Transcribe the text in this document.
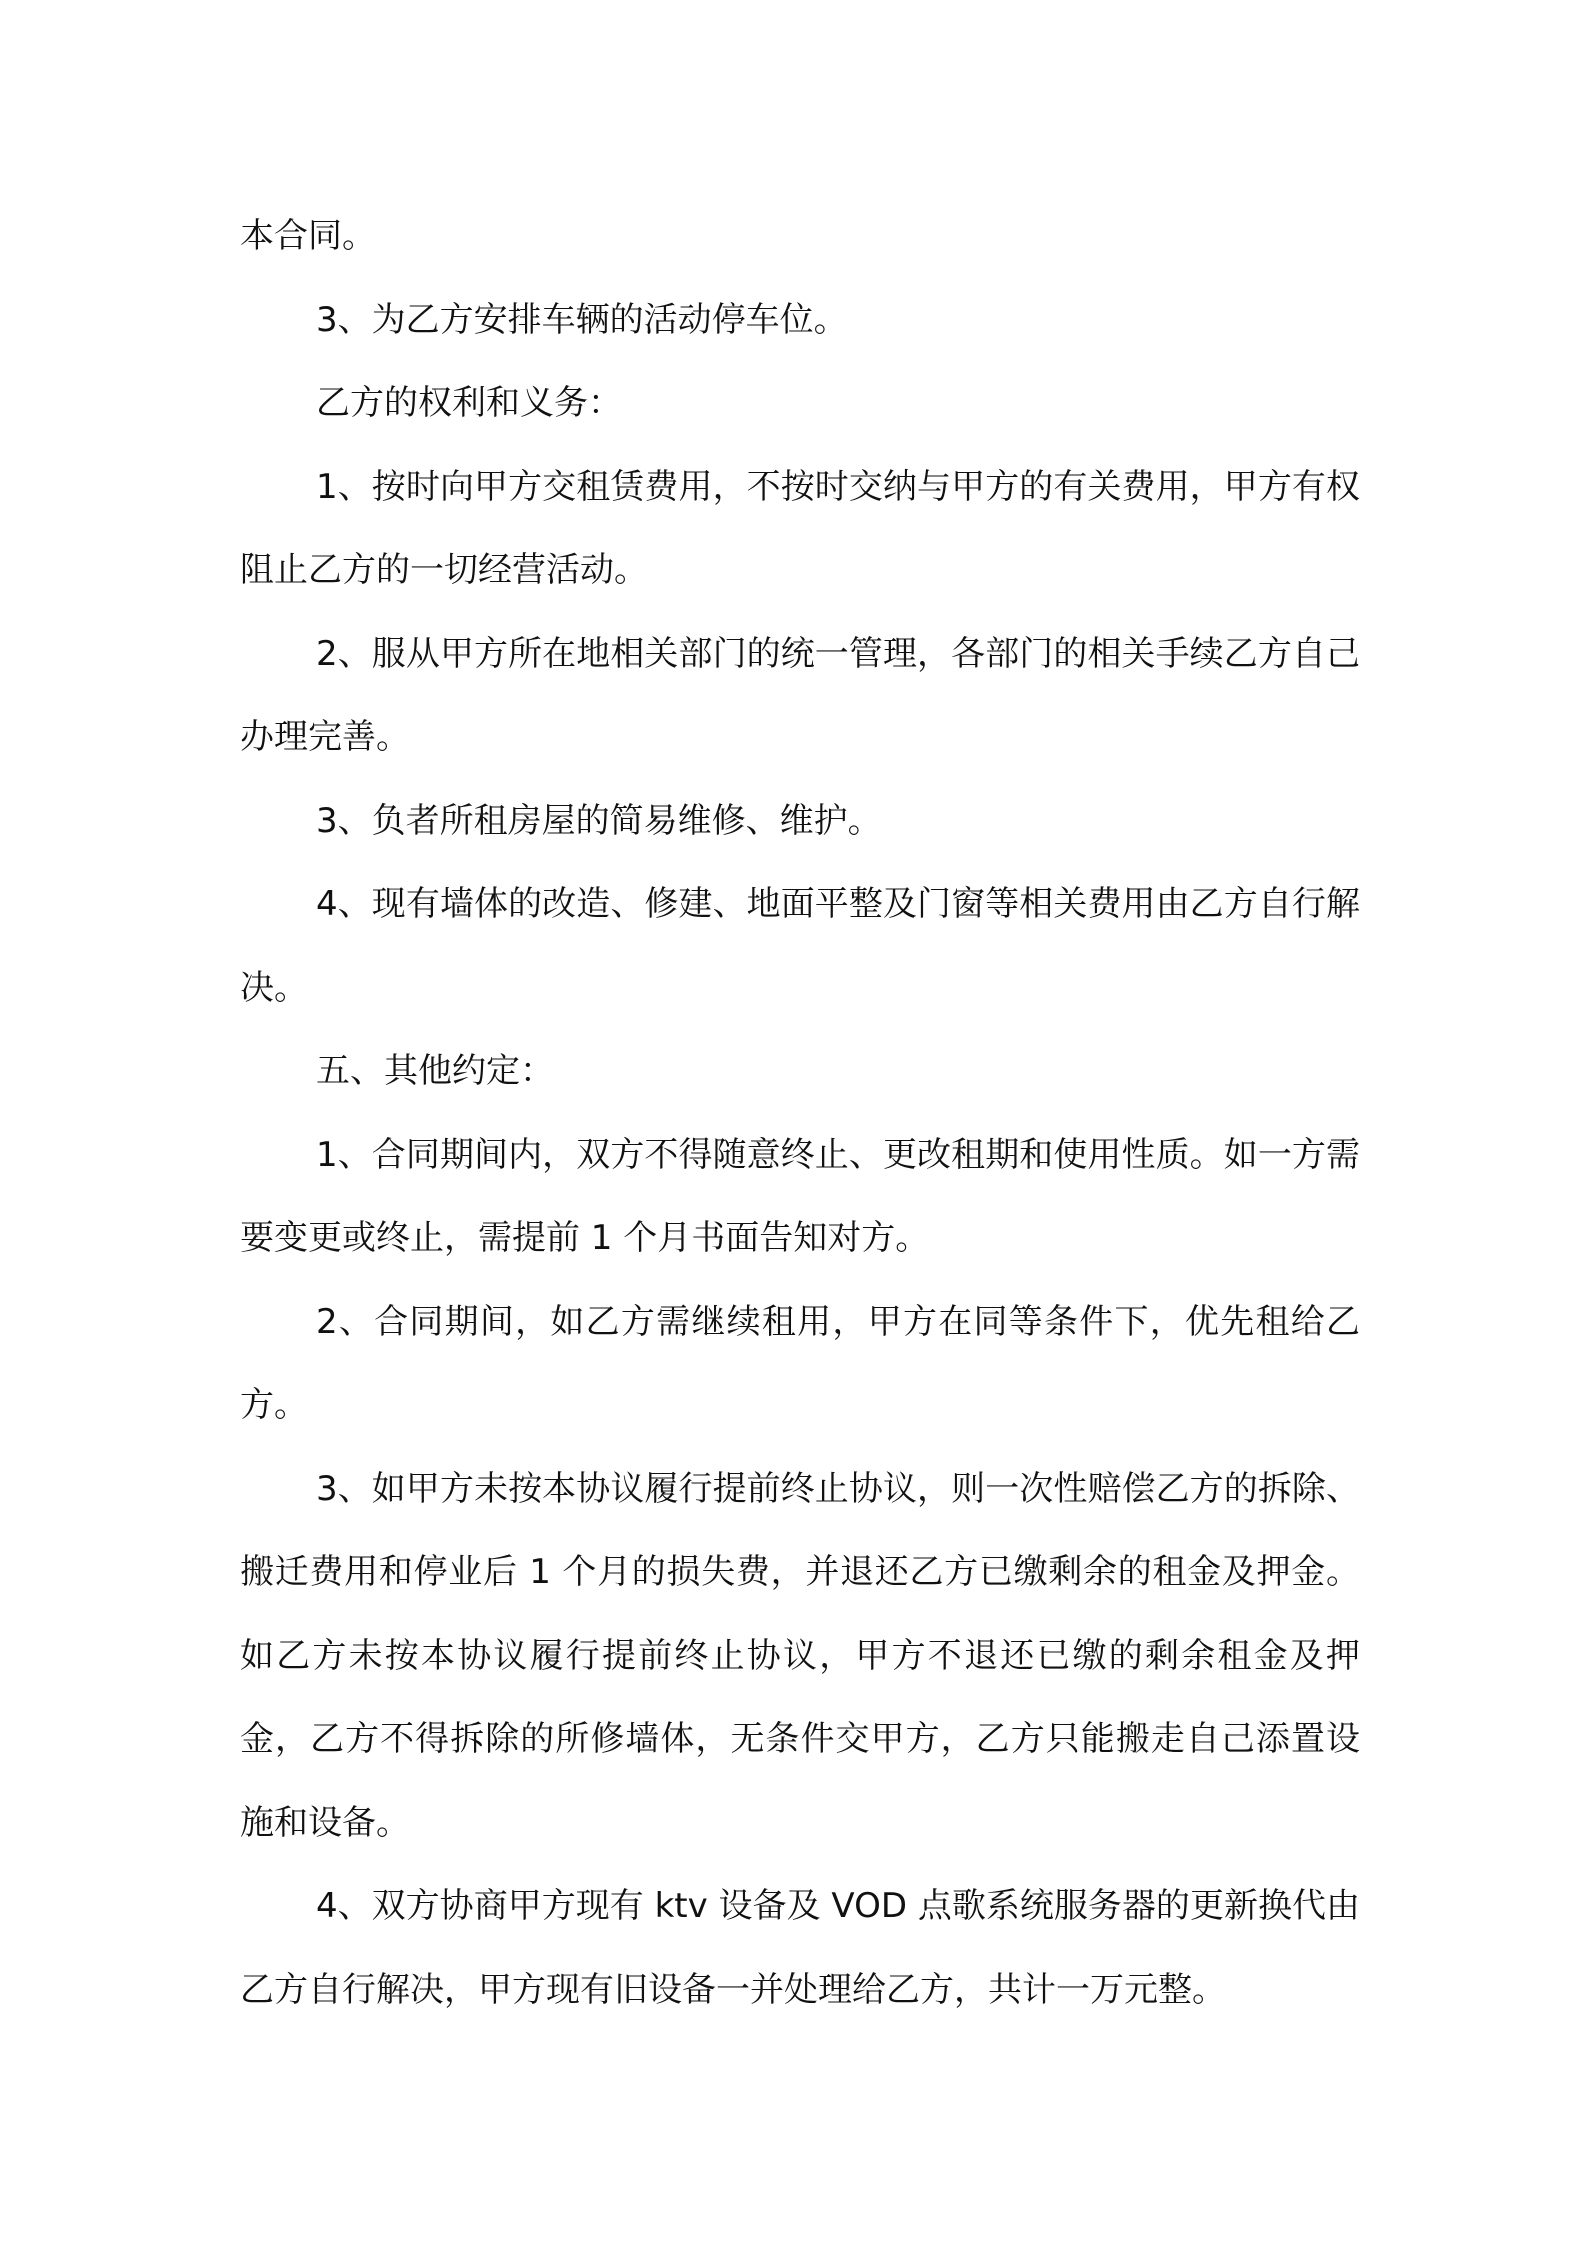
本合同。

3、为乙方安排车辆的活动停车位。

乙方的权利和义务：

1、按时向甲方交租赁费用，不按时交纳与甲方的有关费用，甲方有权阻止乙方的一切经营活动。

2、服从甲方所在地相关部门的统一管理，各部门的相关手续乙方自己办理完善。

3、负者所租房屋的简易维修、维护。

4、现有墙体的改造、修建、地面平整及门窗等相关费用由乙方自行解决。

五、其他约定：

1、合同期间内，双方不得随意终止、更改租期和使用性质。如一方需要变更或终止，需提前 1 个月书面告知对方。

2、合同期间，如乙方需继续租用，甲方在同等条件下，优先租给乙方。

3、如甲方未按本协议履行提前终止协议，则一次性赔偿乙方的拆除、搬迁费用和停业后 1 个月的损失费，并退还乙方已缴剩余的租金及押金。如乙方未按本协议履行提前终止协议，甲方不退还已缴的剩余租金及押金，乙方不得拆除的所修墙体，无条件交甲方，乙方只能搬走自己添置设施和设备。

4、双方协商甲方现有 ktv 设备及 VOD 点歌系统服务器的更新换代由乙方自行解决，甲方现有旧设备一并处理给乙方，共计一万元整。
